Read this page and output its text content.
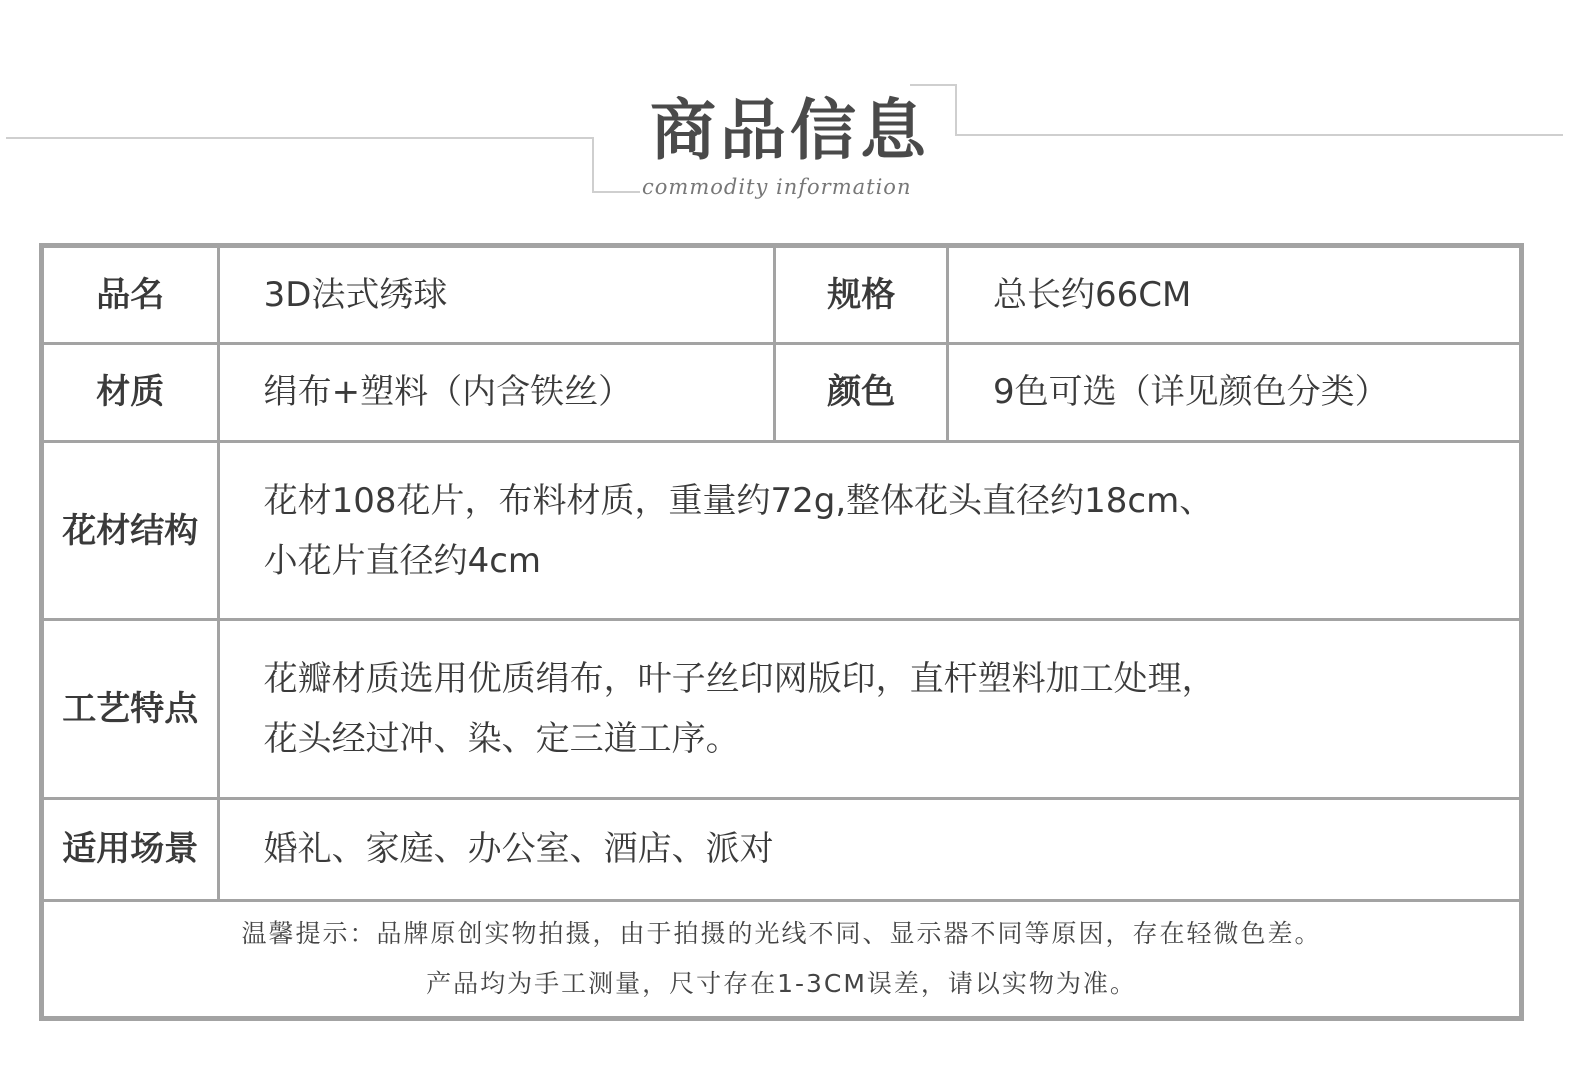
商品信息
commodity information
品名	3D法式绣球	规格	总长约66CM
材质	绢布+塑料（内含铁丝）	颜色	9色可选（详见颜色分类）
花材结构	花材108花片，布料材质，重量约72g,整体花头直径约18cm、
小花片直径约4cm		

工艺特点	花瓣材质选用优质绢布，叶子丝印网版印，直杆塑料加工处理，
花头经过冲、染、定三道工序。		

适用场景	婚礼、家庭、办公室、酒店、派对		

温馨提示：品牌原创实物拍摄，由于拍摄的光线不同、显示器不同等原因，存在轻微色差。
产品均为手工测量，尺寸存在1-3CM误差，请以实物为准。			
